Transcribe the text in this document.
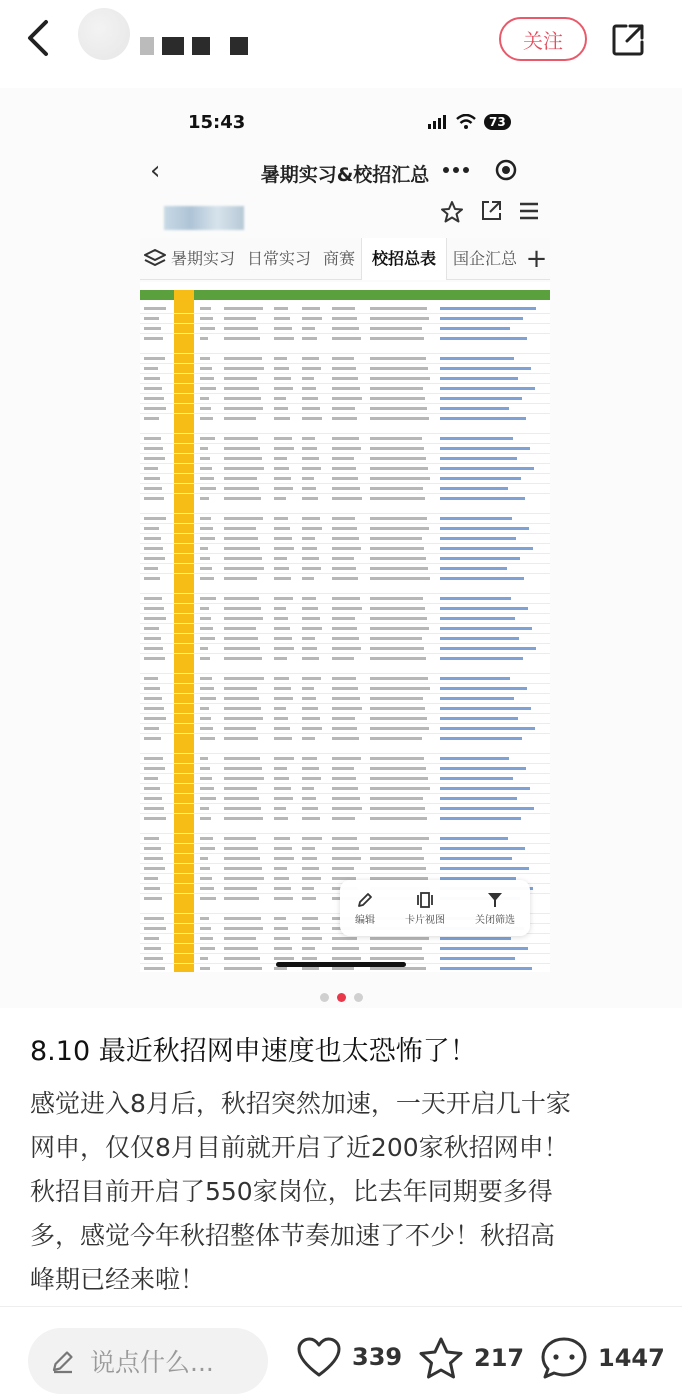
关注
15:43	73
‹	暑期实习&校招汇总
暑期实习 日常实习 商赛	校招总表	国企汇总 +
编辑	卡片视图	关闭筛选
8.10 最近秋招网申速度也太恐怖了！

感觉进入8月后，秋招突然加速，一天开启几十家

网申，仅仅8月目前就开启了近200家秋招网申！

秋招目前开启了550家岗位，比去年同期要多得

多，感觉今年秋招整体节奏加速了不少！秋招高

峰期已经来啦！

说点什么...	339	217	1447
